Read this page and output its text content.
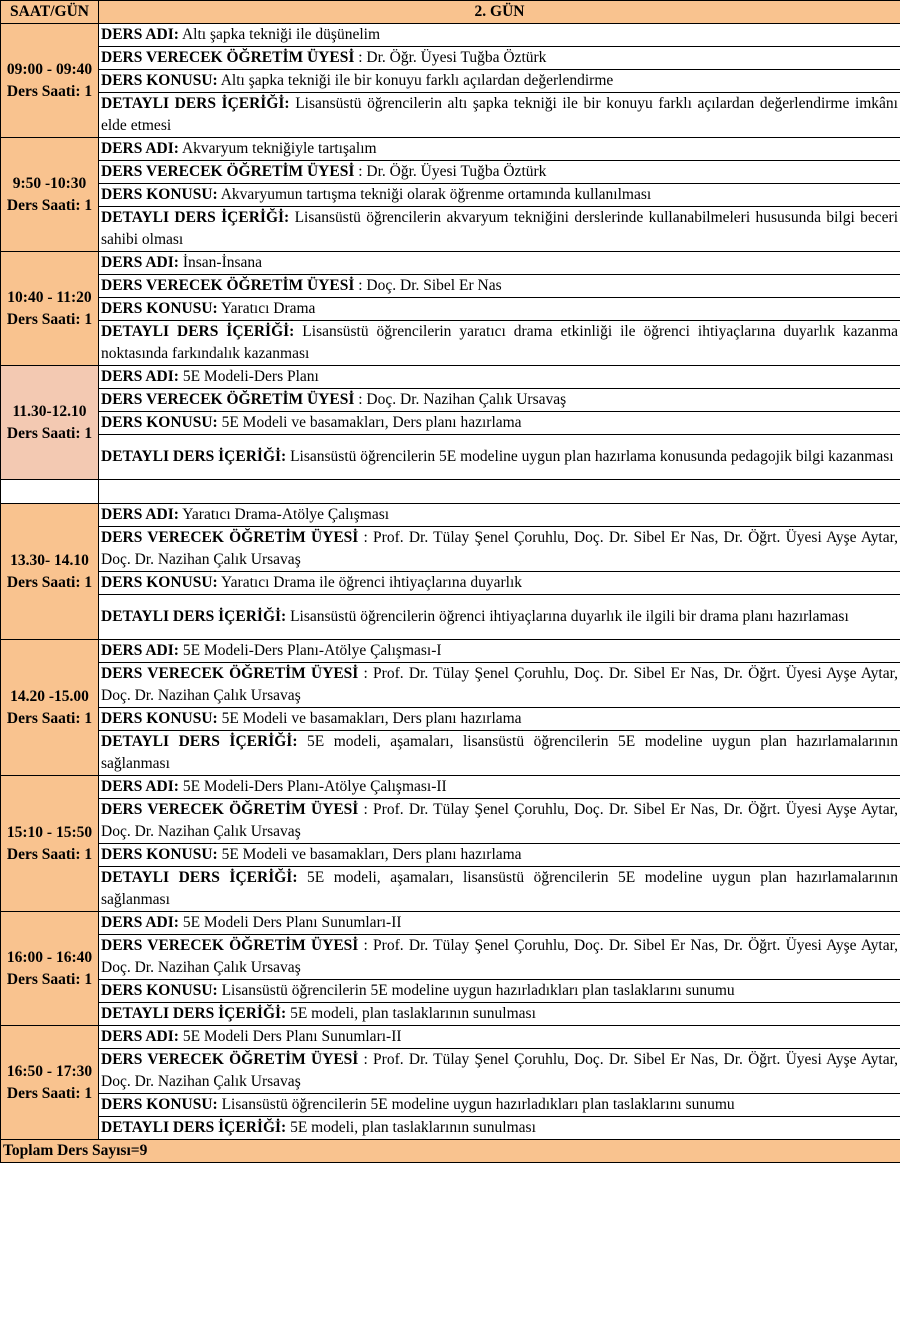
SAAT/GÜN	2. GÜN

09:00 - 09:40
Ders Saati: 1	DERS ADI: Altı şapka tekniği ile düşünelim
	DERS VERECEK ÖĞRETİM ÜYESİ : Dr. Öğr. Üyesi Tuğba Öztürk
	DERS KONUSU: Altı şapka tekniği ile bir konuyu farklı açılardan değerlendirme
	DETAYLI DERS İÇERİĞİ: Lisansüstü öğrencilerin altı şapka tekniği ile bir konuyu farklı açılardan değerlendirme imkânı elde etmesi

9:50 -10:30
Ders Saati: 1	DERS ADI: Akvaryum tekniğiyle tartışalım
	DERS VERECEK ÖĞRETİM ÜYESİ : Dr. Öğr. Üyesi Tuğba Öztürk
	DERS KONUSU: Akvaryumun tartışma tekniği olarak öğrenme ortamında kullanılması
	DETAYLI DERS İÇERİĞİ: Lisansüstü öğrencilerin akvaryum tekniğini derslerinde kullanabilmeleri hususunda bilgi beceri sahibi olması

10:40 - 11:20
Ders Saati: 1	DERS ADI: İnsan-İnsana
	DERS VERECEK ÖĞRETİM ÜYESİ : Doç. Dr. Sibel Er Nas
	DERS KONUSU: Yaratıcı Drama
	DETAYLI DERS İÇERİĞİ: Lisansüstü öğrencilerin yaratıcı drama etkinliği ile öğrenci ihtiyaçlarına duyarlık kazanma noktasında farkındalık kazanması

11.30-12.10
Ders Saati: 1	DERS ADI: 5E Modeli-Ders Planı
	DERS VERECEK ÖĞRETİM ÜYESİ : Doç. Dr. Nazihan Çalık Ursavaş
	DERS KONUSU: 5E Modeli ve basamakları, Ders planı hazırlama
	DETAYLI DERS İÇERİĞİ: Lisansüstü öğrencilerin 5E modeline uygun plan hazırlama konusunda pedagojik bilgi kazanması

13.30- 14.10
Ders Saati: 1	DERS ADI: Yaratıcı Drama-Atölye Çalışması
	DERS VERECEK ÖĞRETİM ÜYESİ : Prof. Dr. Tülay Şenel Çoruhlu, Doç. Dr. Sibel Er Nas, Dr. Öğrt. Üyesi Ayşe Aytar, Doç. Dr. Nazihan Çalık Ursavaş
	DERS KONUSU: Yaratıcı Drama ile öğrenci ihtiyaçlarına duyarlık
	DETAYLI DERS İÇERİĞİ: Lisansüstü öğrencilerin öğrenci ihtiyaçlarına duyarlık ile ilgili bir drama planı hazırlaması

14.20 -15.00
Ders Saati: 1	DERS ADI: 5E Modeli-Ders Planı-Atölye Çalışması-I
	DERS VERECEK ÖĞRETİM ÜYESİ : Prof. Dr. Tülay Şenel Çoruhlu, Doç. Dr. Sibel Er Nas, Dr. Öğrt. Üyesi Ayşe Aytar, Doç. Dr. Nazihan Çalık Ursavaş
	DERS KONUSU: 5E Modeli ve basamakları, Ders planı hazırlama
	DETAYLI DERS İÇERİĞİ: 5E modeli, aşamaları, lisansüstü öğrencilerin 5E modeline uygun plan hazırlamalarının sağlanması

15:10 - 15:50
Ders Saati: 1	DERS ADI: 5E Modeli-Ders Planı-Atölye Çalışması-II
	DERS VERECEK ÖĞRETİM ÜYESİ : Prof. Dr. Tülay Şenel Çoruhlu, Doç. Dr. Sibel Er Nas, Dr. Öğrt. Üyesi Ayşe Aytar, Doç. Dr. Nazihan Çalık Ursavaş
	DERS KONUSU: 5E Modeli ve basamakları, Ders planı hazırlama
	DETAYLI DERS İÇERİĞİ: 5E modeli, aşamaları, lisansüstü öğrencilerin 5E modeline uygun plan hazırlamalarının sağlanması

16:00 - 16:40
Ders Saati: 1	DERS ADI: 5E Modeli Ders Planı Sunumları-II
	DERS VERECEK ÖĞRETİM ÜYESİ : Prof. Dr. Tülay Şenel Çoruhlu, Doç. Dr. Sibel Er Nas, Dr. Öğrt. Üyesi Ayşe Aytar, Doç. Dr. Nazihan Çalık Ursavaş
	DERS KONUSU: Lisansüstü öğrencilerin 5E modeline uygun hazırladıkları plan taslaklarını sunumu
	DETAYLI DERS İÇERİĞİ: 5E modeli, plan taslaklarının sunulması

16:50 - 17:30
Ders Saati: 1	DERS ADI: 5E Modeli Ders Planı Sunumları-II
	DERS VERECEK ÖĞRETİM ÜYESİ : Prof. Dr. Tülay Şenel Çoruhlu, Doç. Dr. Sibel Er Nas, Dr. Öğrt. Üyesi Ayşe Aytar, Doç. Dr. Nazihan Çalık Ursavaş
	DERS KONUSU: Lisansüstü öğrencilerin 5E modeline uygun hazırladıkları plan taslaklarını sunumu
	DETAYLI DERS İÇERİĞİ: 5E modeli, plan taslaklarının sunulması
Toplam Ders Sayısı=9	
